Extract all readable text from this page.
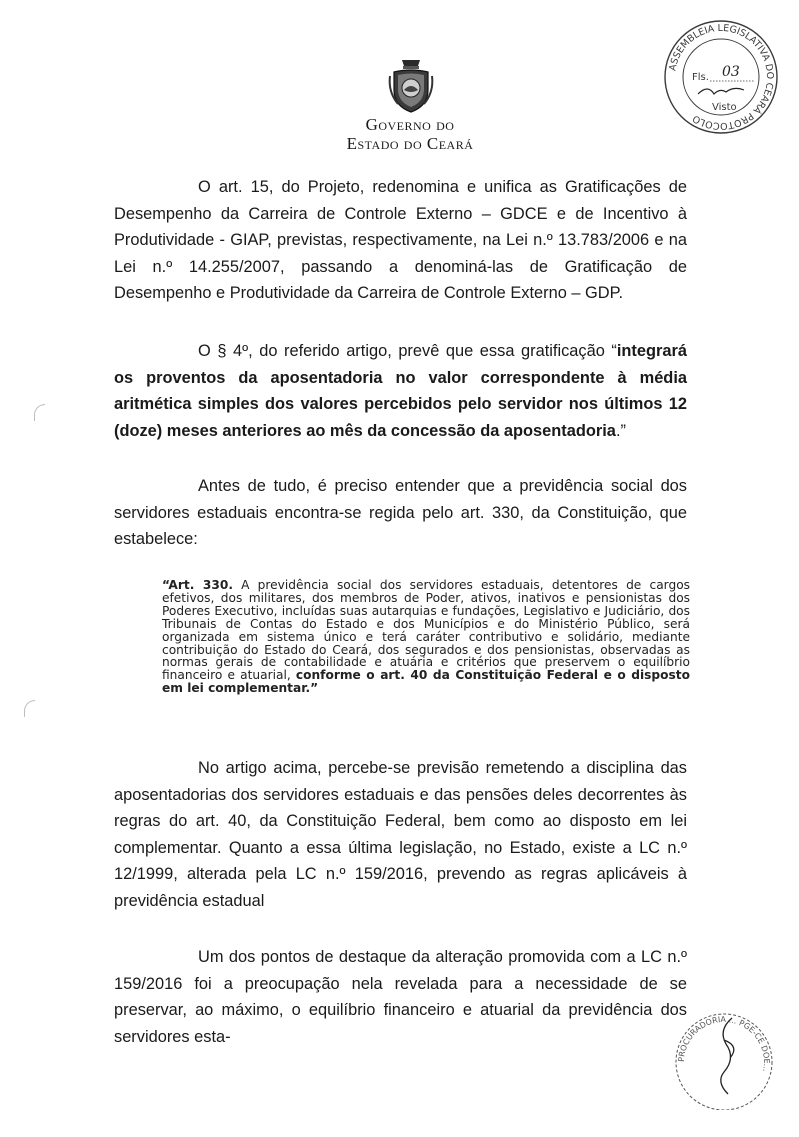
Governo do
Estado do Ceará
ASSEMBLEIA LEGISLATIVA DO CEARÁ PROTOCOLO
Fls. 03
Visto
O art. 15, do Projeto, redenomina e unifica as Gratificações de Desempenho da Carreira de Controle Externo – GDCE e de Incentivo à Produtividade - GIAP, previstas, respectivamente, na Lei n.º 13.783/2006 e na Lei n.º 14.255/2007, passando a denominá-las de Gratificação de Desempenho e Produtividade da Carreira de Controle Externo – GDP.
O § 4º, do referido artigo, prevê que essa gratificação “integrará os proventos da aposentadoria no valor correspondente à média aritmética simples dos valores percebidos pelo servidor nos últimos 12 (doze) meses anteriores ao mês da concessão da aposentadoria.”
Antes de tudo, é preciso entender que a previdência social dos servidores estaduais encontra-se regida pelo art. 330, da Constituição, que estabelece:
“Art. 330. A previdência social dos servidores estaduais, detentores de cargos efetivos, dos militares, dos membros de Poder, ativos, inativos e pensionistas dos Poderes Executivo, incluídas suas autarquias e fundações, Legislativo e Judiciário, dos Tribunais de Contas do Estado e dos Municípios e do Ministério Público, será organizada em sistema único e terá caráter contributivo e solidário, mediante contribuição do Estado do Ceará, dos segurados e dos pensionistas, observadas as normas gerais de contabilidade e atuária e critérios que preservem o equilíbrio financeiro e atuarial, conforme o art. 40 da Constituição Federal e o disposto em lei complementar.”
No artigo acima, percebe-se previsão remetendo a disciplina das aposentadorias dos servidores estaduais e das pensões deles decorrentes às regras do art. 40, da Constituição Federal, bem como ao disposto em lei complementar. Quanto a essa última legislação, no Estado, existe a LC n.º 12/1999, alterada pela LC n.º 159/2016, prevendo as regras aplicáveis à previdência estadual
Um dos pontos de destaque da alteração promovida com a LC n.º 159/2016 foi a preocupação nela revelada para a necessidade de se preservar, ao máximo, o equilíbrio financeiro e atuarial da previdência dos servidores esta-
PROCURADORIA ... PGE-CE DOE...
